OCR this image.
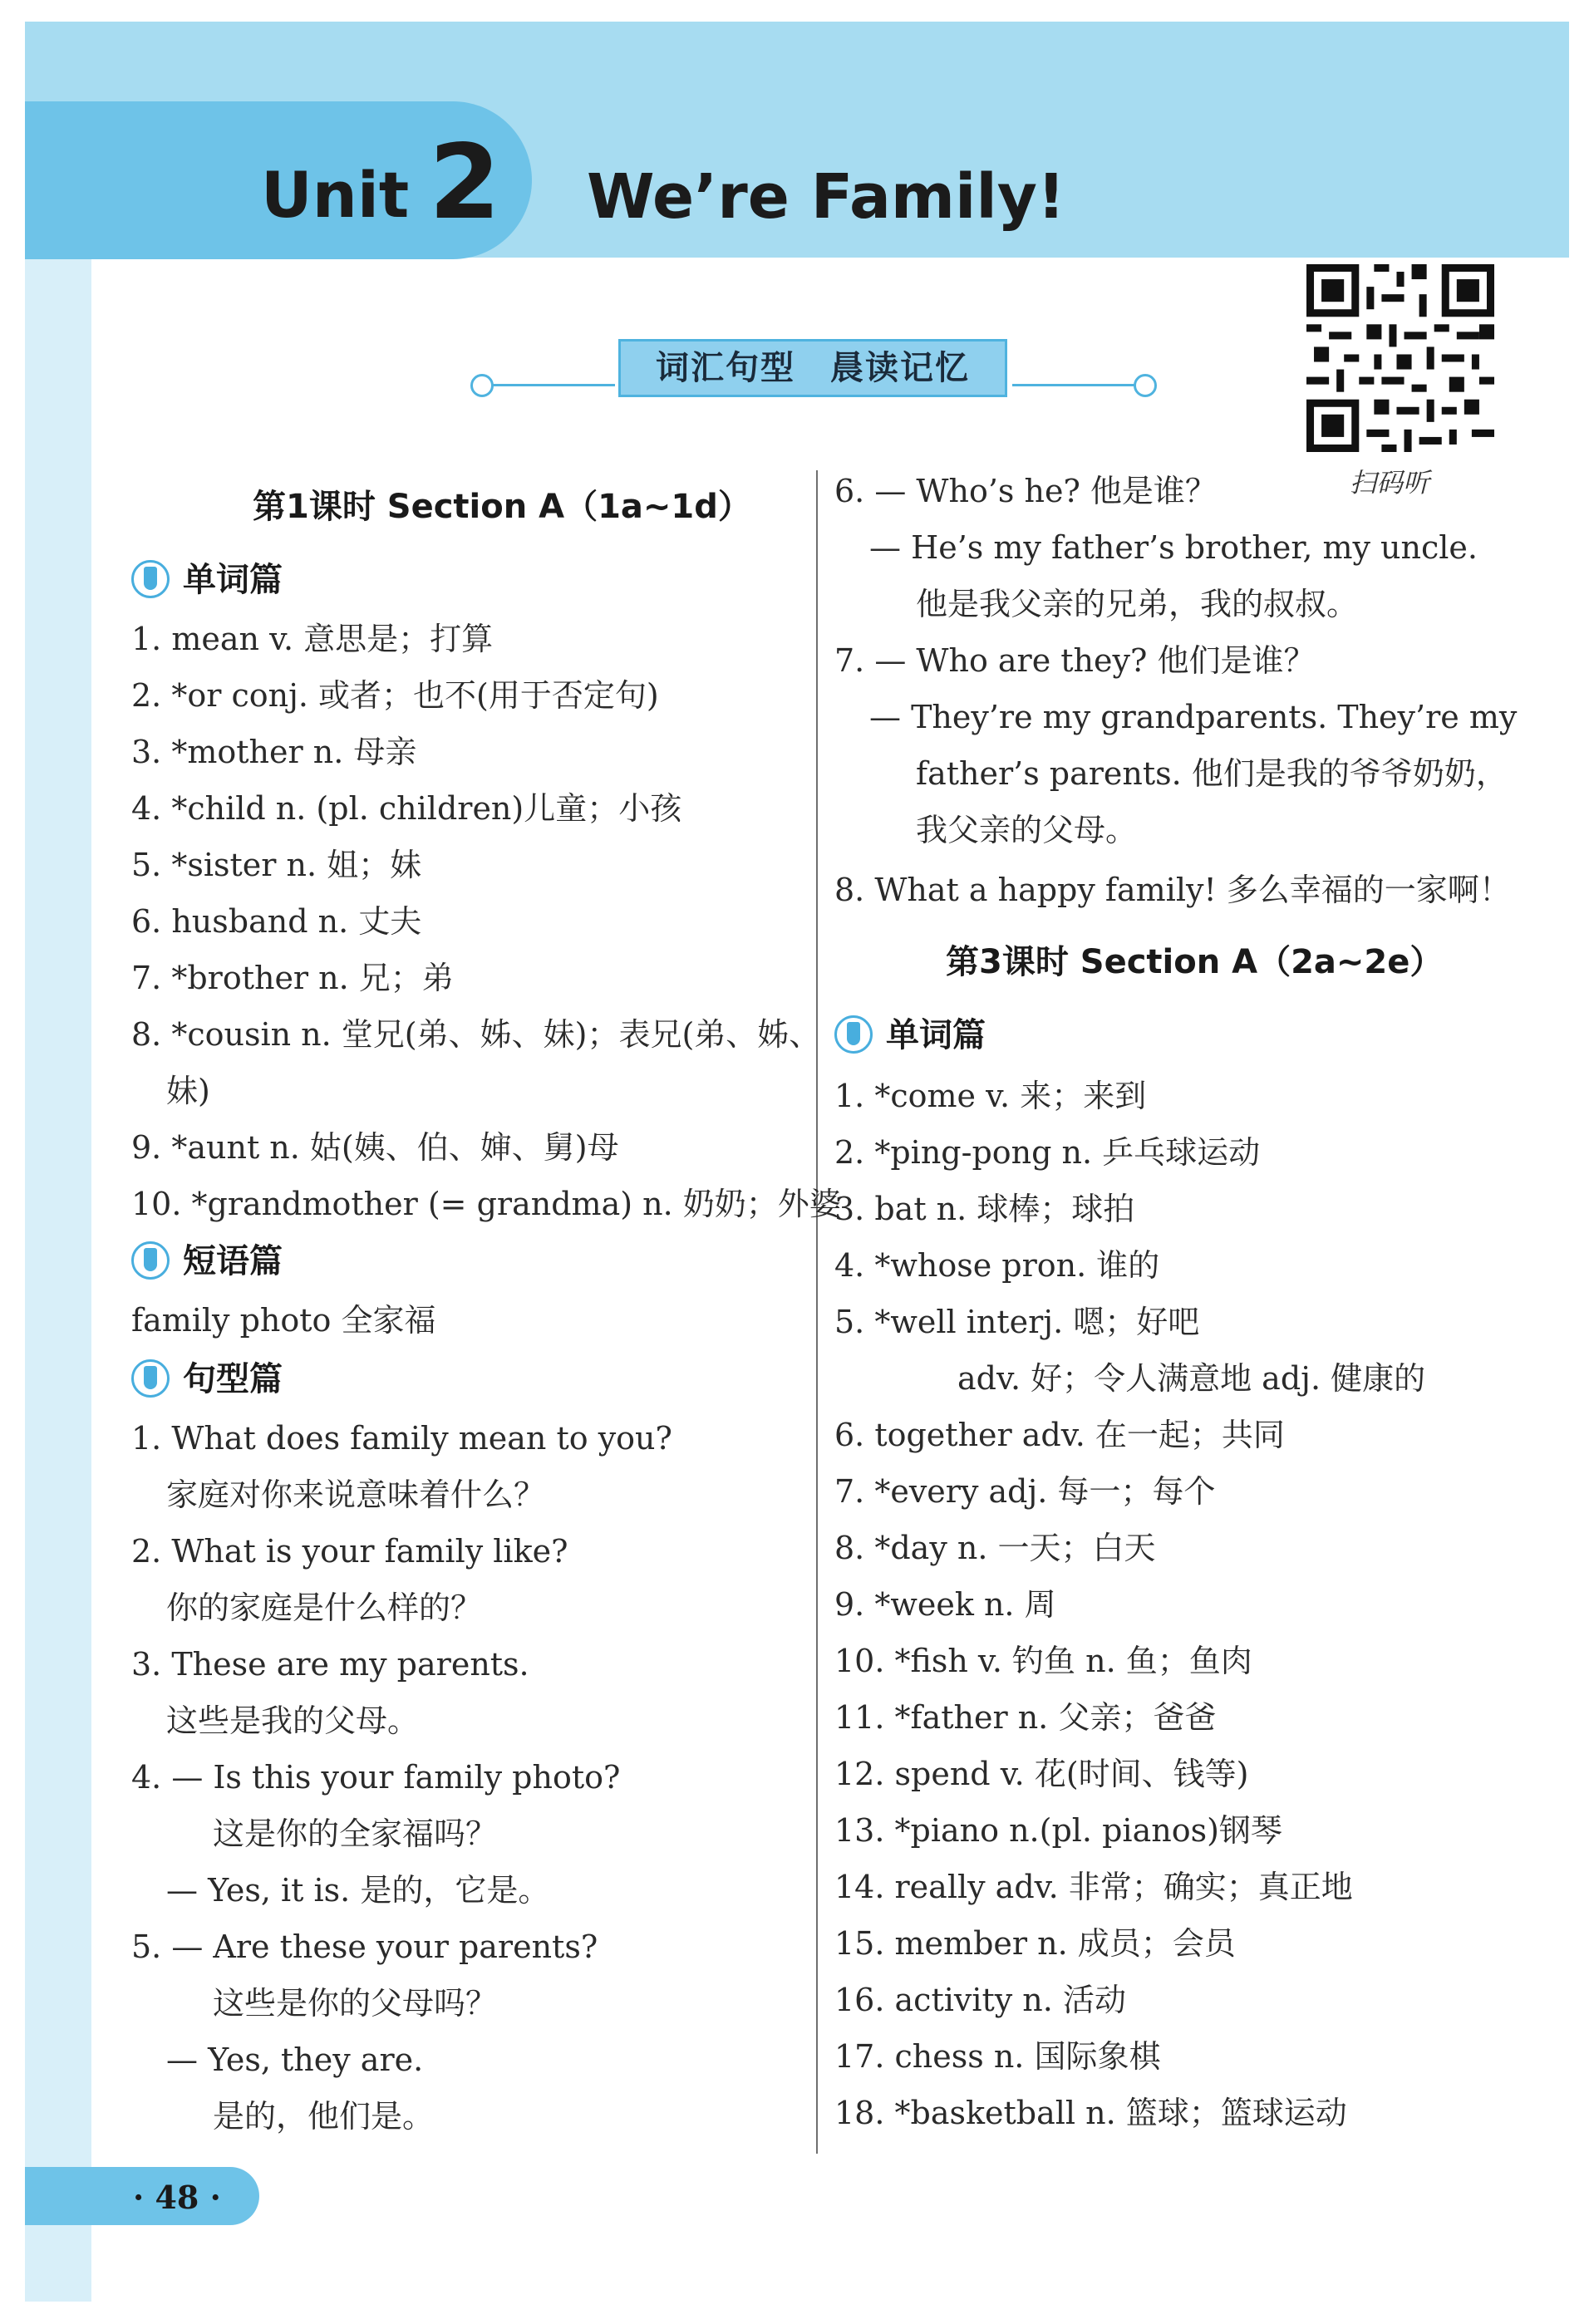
Unit 2 We’re Family!
词汇句型　晨读记忆
扫码听
第1课时 Section A（1a~1d）
单词篇
1. mean v. 意思是；打算
2. *or conj. 或者；也不(用于否定句)
3. *mother n. 母亲
4. *child n. (pl. children)儿童；小孩
5. *sister n. 姐；妹
6. husband n. 丈夫
7. *brother n. 兄；弟
8. *cousin n. 堂兄(弟、姊、妹)；表兄(弟、姊、
妹)
9. *aunt n. 姑(姨、伯、婶、舅)母
10. *grandmother (= grandma) n. 奶奶；外婆
短语篇
family photo 全家福
句型篇
1. What does family mean to you?
家庭对你来说意味着什么？
2. What is your family like?
你的家庭是什么样的？
3. These are my parents.
这些是我的父母。
4. — Is this your family photo?
这是你的全家福吗？
— Yes, it is. 是的，它是。
5. — Are these your parents?
这些是你的父母吗？
— Yes, they are.
是的，他们是。
6. — Who’s he? 他是谁？
— He’s my father’s brother, my uncle.
他是我父亲的兄弟，我的叔叔。
7. — Who are they? 他们是谁？
— They’re my grandparents. They’re my
father’s parents. 他们是我的爷爷奶奶，
我父亲的父母。
8. What a happy family! 多么幸福的一家啊！
第3课时 Section A（2a~2e）
单词篇
1. *come v. 来；来到
2. *ping-pong n. 乒乓球运动
3. bat n. 球棒；球拍
4. *whose pron. 谁的
5. *well interj. 嗯；好吧
adv. 好；令人满意地 adj. 健康的
6. together adv. 在一起；共同
7. *every adj. 每一；每个
8. *day n. 一天；白天
9. *week n. 周
10. *fish v. 钓鱼 n. 鱼；鱼肉
11. *father n. 父亲；爸爸
12. spend v. 花(时间、钱等)
13. *piano n.(pl. pianos)钢琴
14. really adv. 非常；确实；真正地
15. member n. 成员；会员
16. activity n. 活动
17. chess n. 国际象棋
18. *basketball n. 篮球；篮球运动
· 48 ·
